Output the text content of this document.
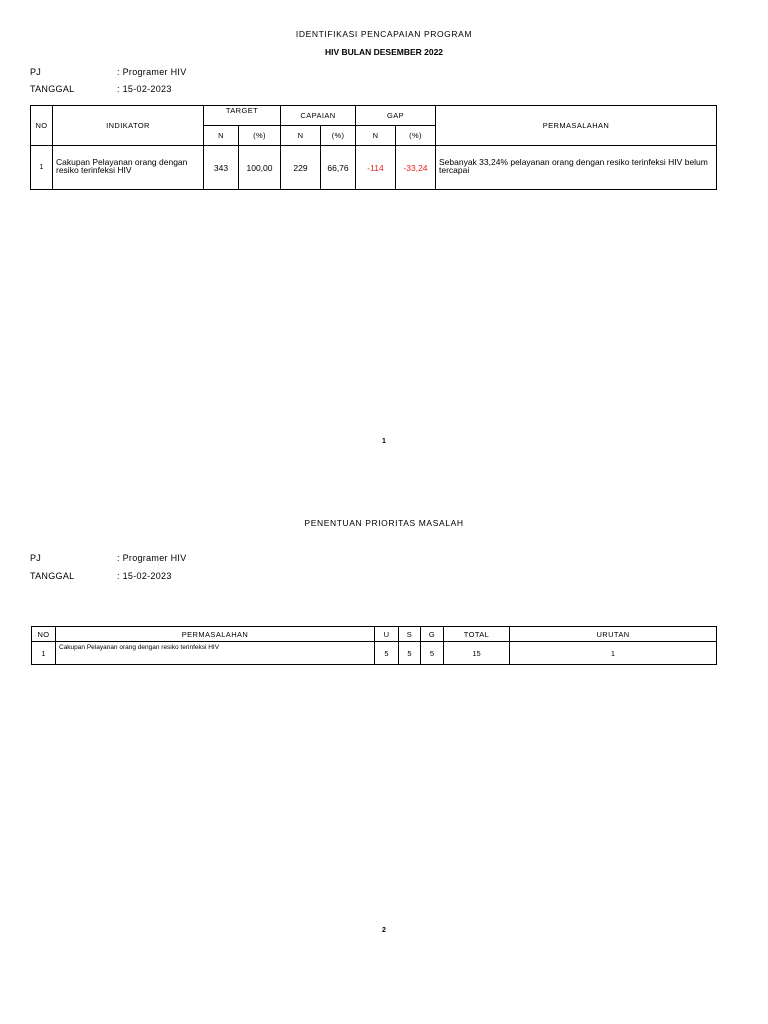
IDENTIFIKASI PENCAPAIAN PROGRAM
HIV BULAN DESEMBER 2022
PJ	: Programer HIV
TANGGAL	: 15-02-2023
NO	INDIKATOR	TARGET		CAPAIAN		GAP		PERMASALAHAN
		N	(%)	N	(%)	N	(%)	
1	Cakupan Pelayanan orang dengan resiko terinfeksi HIV	343	100,00	229	66,76	-114	-33,24	Sebanyak 33,24% pelayanan orang dengan resiko terinfeksi HIV belum tercapai
1
PENENTUAN PRIORITAS MASALAH
PJ	: Programer HIV
TANGGAL	: 15-02-2023
NO	PERMASALAHAN	U	S	G	TOTAL	URUTAN
1	Cakupan Pelayanan orang dengan resiko terinfeksi HIV	5	5	5	15	1
2
